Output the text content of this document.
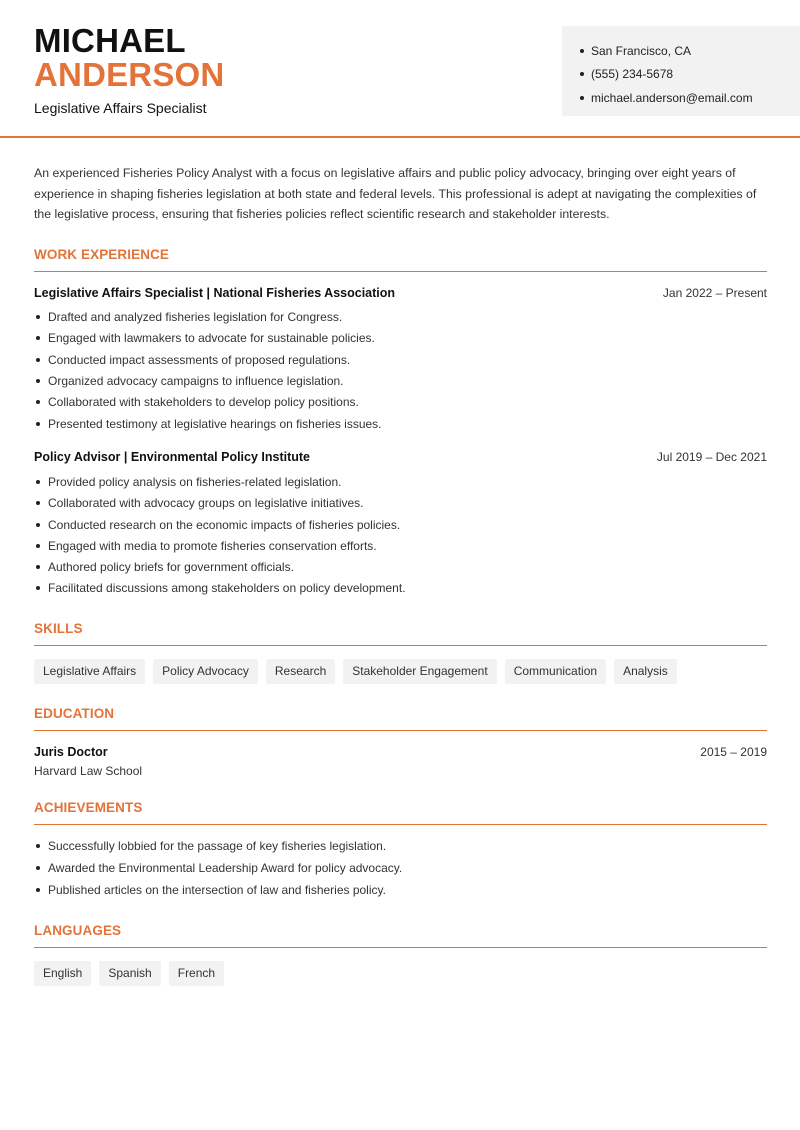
MICHAEL
ANDERSON
Legislative Affairs Specialist
San Francisco, CA
(555) 234-5678
michael.anderson@email.com

An experienced Fisheries Policy Analyst with a focus on legislative affairs and public policy advocacy, bringing over eight years of experience in shaping fisheries legislation at both state and federal levels. This professional is adept at navigating the complexities of the legislative process, ensuring that fisheries policies reflect scientific research and stakeholder interests.

WORK EXPERIENCE
Legislative Affairs Specialist | National Fisheries Association	Jan 2022 – Present
Drafted and analyzed fisheries legislation for Congress.
Engaged with lawmakers to advocate for sustainable policies.
Conducted impact assessments of proposed regulations.
Organized advocacy campaigns to influence legislation.
Collaborated with stakeholders to develop policy positions.
Presented testimony at legislative hearings on fisheries issues.
Policy Advisor | Environmental Policy Institute	Jul 2019 – Dec 2021
Provided policy analysis on fisheries-related legislation.
Collaborated with advocacy groups on legislative initiatives.
Conducted research on the economic impacts of fisheries policies.
Engaged with media to promote fisheries conservation efforts.
Authored policy briefs for government officials.
Facilitated discussions among stakeholders on policy development.
SKILLS
Legislative Affairs	Policy Advocacy	Research	Stakeholder Engagement	Communication	Analysis
EDUCATION
Juris Doctor	2015 – 2019
Harvard Law School
ACHIEVEMENTS
Successfully lobbied for the passage of key fisheries legislation.
Awarded the Environmental Leadership Award for policy advocacy.
Published articles on the intersection of law and fisheries policy.
LANGUAGES
English	Spanish	French
